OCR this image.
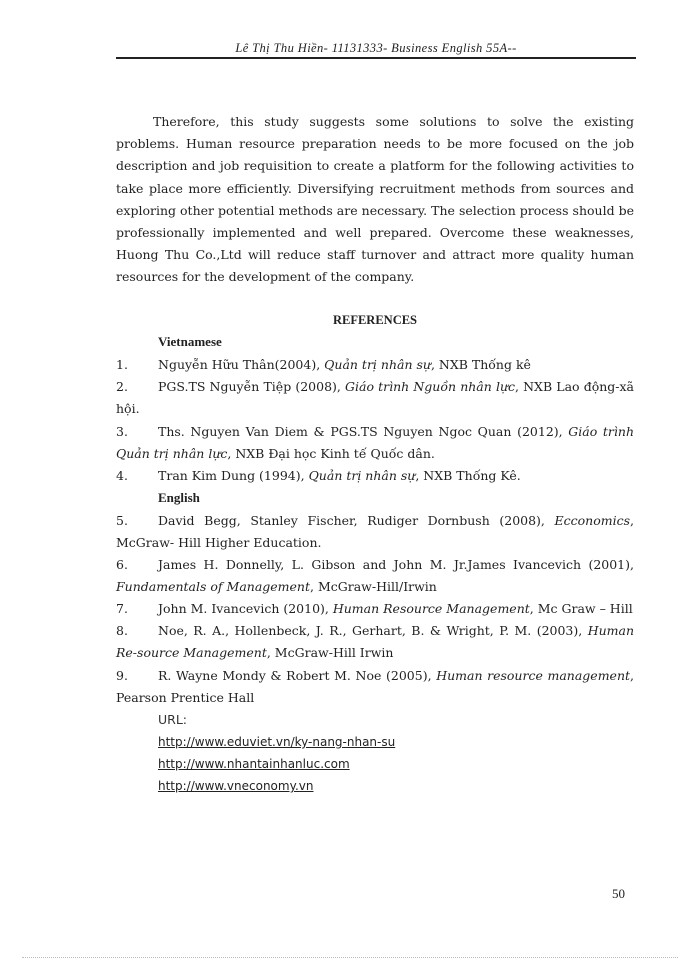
Lê Thị Thu Hiền- 11131333- Business English 55A--

Therefore, this study suggests some solutions to solve the existing problems. Human resource preparation needs to be more focused on the job description and job requisition to create a platform for the following activities to take place more efficiently. Diversifying recruitment methods from sources and exploring other potential methods are necessary. The selection process should be professionally implemented and well prepared. Overcome these weaknesses, Huong Thu Co.,Ltd will reduce staff turnover and attract more quality human resources for the development of the company.

REFERENCES
Vietnamese
1. Nguyễn Hữu Thân(2004), Quản trị nhân sự, NXB Thống kê
2. PGS.TS Nguyễn Tiệp (2008), Giáo trình Nguồn nhân lực, NXB Lao động-xã hội.
3. Ths. Nguyen Van Diem & PGS.TS Nguyen Ngoc Quan (2012), Giáo trình Quản trị nhân lực, NXB Đại học Kinh tế Quốc dân.
4. Tran Kim Dung (1994), Quản trị nhân sự, NXB Thống Kê.
English
5. David Begg, Stanley Fischer, Rudiger Dornbush (2008), Ecconomics, McGraw- Hill Higher Education.
6. James H. Donnelly, L. Gibson and John M. Jr.James Ivancevich (2001), Fundamentals of Management, McGraw-Hill/Irwin
7. John M. Ivancevich (2010), Human Resource Management, Mc Graw – Hill
8. Noe, R. A., Hollenbeck, J. R., Gerhart, B. & Wright, P. M. (2003), Human Re-source Management, McGraw-Hill Irwin
9. R. Wayne Mondy & Robert M. Noe (2005), Human resource management, Pearson Prentice Hall
URL:
http://www.eduviet.vn/ky-nang-nhan-su
http://www.nhantainhanluc.com
http://www.vneconomy.vn
50
